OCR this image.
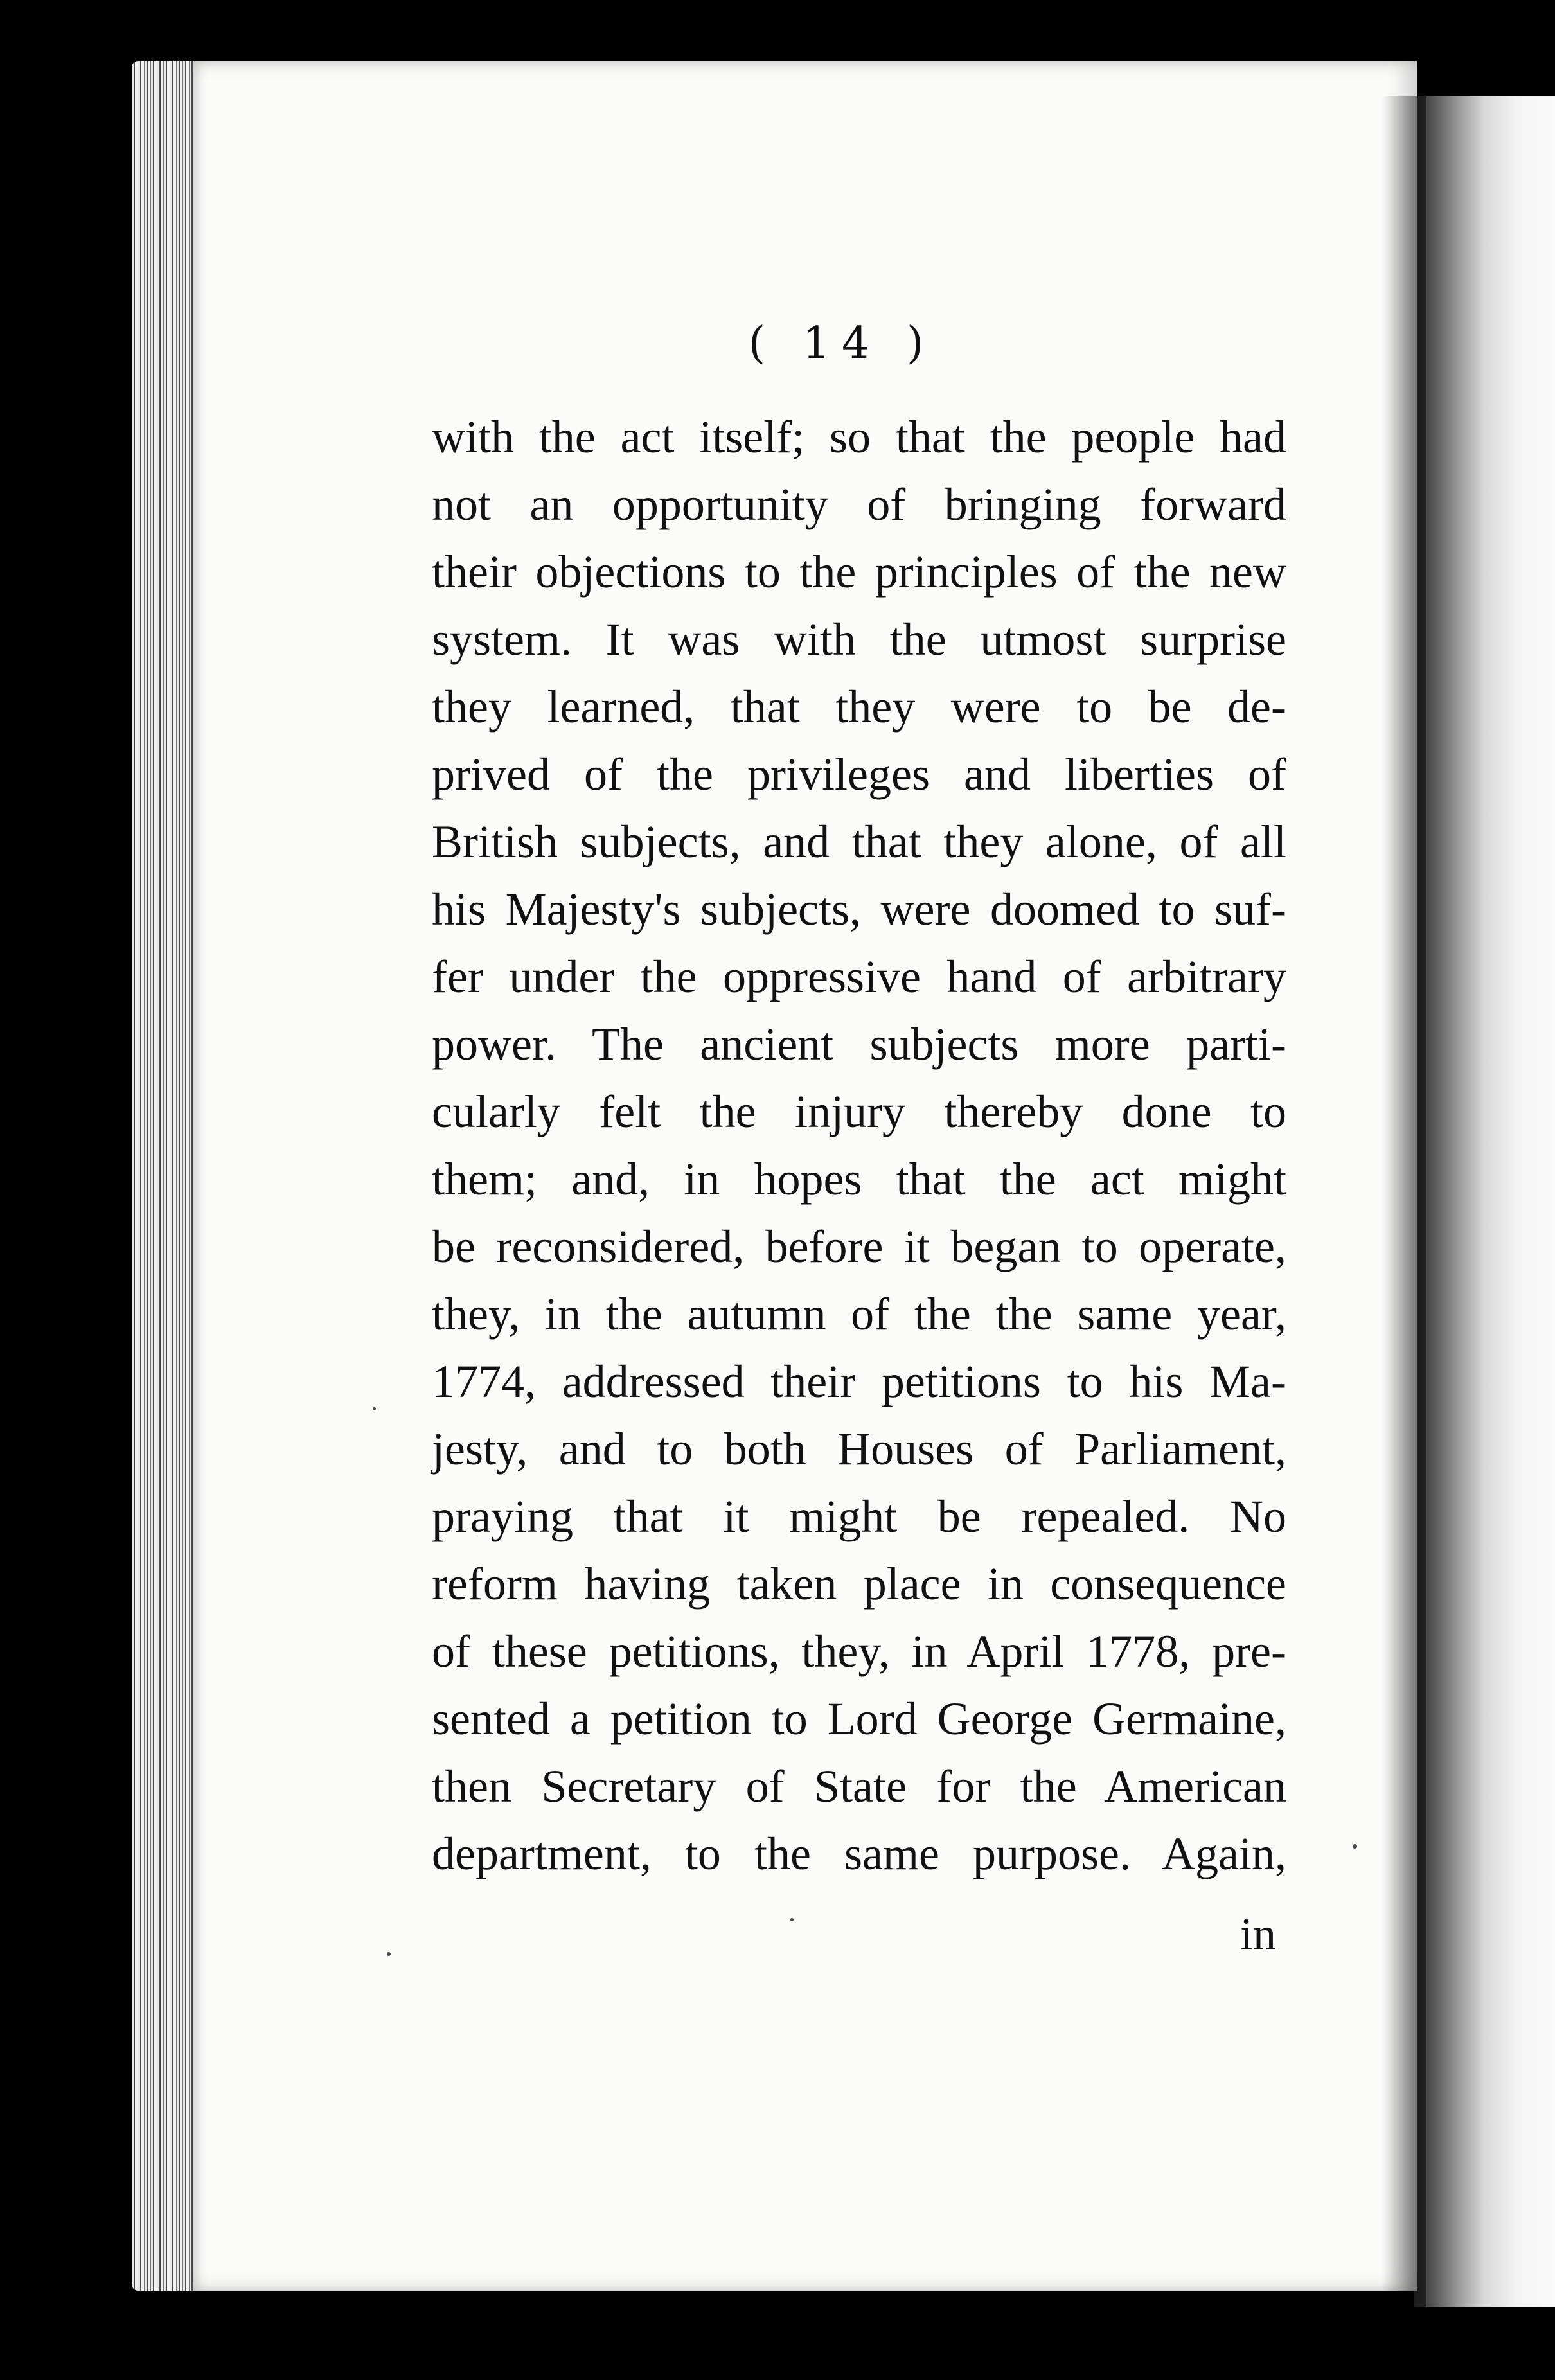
( 14 )
with the act itself; so that the people had
not an opportunity of bringing forward
their objections to the principles of the new
system. It was with the utmost surprise
they learned, that they were to be de-
prived of the privileges and liberties of
British subjects, and that they alone, of all
his Majesty's subjects, were doomed to suf-
fer under the oppressive hand of arbitrary
power. The ancient subjects more parti-
cularly felt the injury thereby done to
them; and, in hopes that the act might
be reconsidered, before it began to operate,
they, in the autumn of the the same year,
1774, addressed their petitions to his Ma-
jesty, and to both Houses of Parliament,
praying that it might be repealed. No
reform having taken place in consequence
of these petitions, they, in April 1778, pre-
sented a petition to Lord George Germaine,
then Secretary of State for the American
department, to the same purpose. Again,
in
